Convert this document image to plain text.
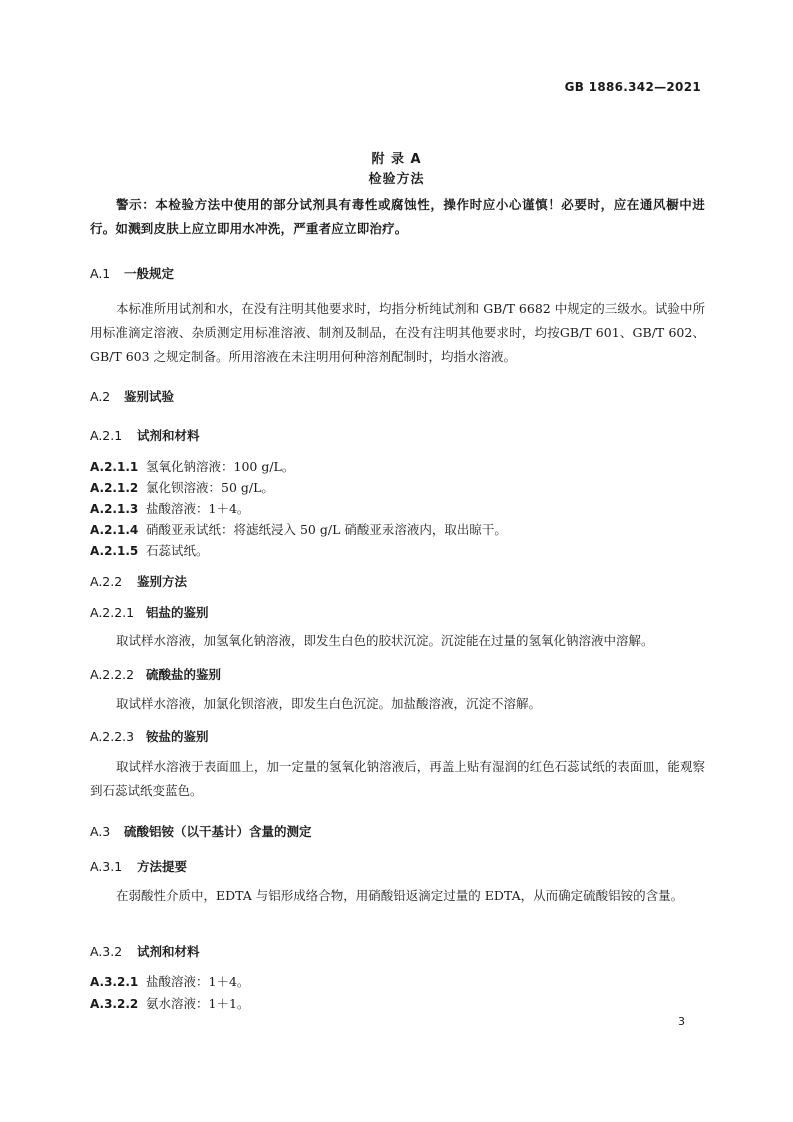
GB 1886.342—2021
附 录 A
检验方法
警示：本检验方法中使用的部分试剂具有毒性或腐蚀性，操作时应小心谨慎！必要时，应在通风橱中进行。如溅到皮肤上应立即用水冲洗，严重者应立即治疗。
A.1 一般规定
本标准所用试剂和水，在没有注明其他要求时，均指分析纯试剂和 GB/T 6682 中规定的三级水。试验中所用标准滴定溶液、杂质测定用标准溶液、制剂及制品，在没有注明其他要求时，均按GB/T 601、GB/T 602、GB/T 603 之规定制备。所用溶液在未注明用何种溶剂配制时，均指水溶液。
A.2 鉴别试验
A.2.1 试剂和材料
A.2.1.1 氢氧化钠溶液：100 g/L。
A.2.1.2 氯化钡溶液：50 g/L。
A.2.1.3 盐酸溶液：1＋4。
A.2.1.4 硝酸亚汞试纸：将滤纸浸入 50 g/L 硝酸亚汞溶液内，取出晾干。
A.2.1.5 石蕊试纸。
A.2.2 鉴别方法
A.2.2.1 铝盐的鉴别
取试样水溶液，加氢氧化钠溶液，即发生白色的胶状沉淀。沉淀能在过量的氢氧化钠溶液中溶解。
A.2.2.2 硫酸盐的鉴别
取试样水溶液，加氯化钡溶液，即发生白色沉淀。加盐酸溶液，沉淀不溶解。
A.2.2.3 铵盐的鉴别
取试样水溶液于表面皿上，加一定量的氢氧化钠溶液后，再盖上贴有湿润的红色石蕊试纸的表面皿，能观察到石蕊试纸变蓝色。
A.3 硫酸铝铵（以干基计）含量的测定
A.3.1 方法提要
在弱酸性介质中，EDTA 与铝形成络合物，用硝酸铅返滴定过量的 EDTA，从而确定硫酸铝铵的含量。
A.3.2 试剂和材料
A.3.2.1 盐酸溶液：1＋4。
A.3.2.2 氨水溶液：1＋1。
3
